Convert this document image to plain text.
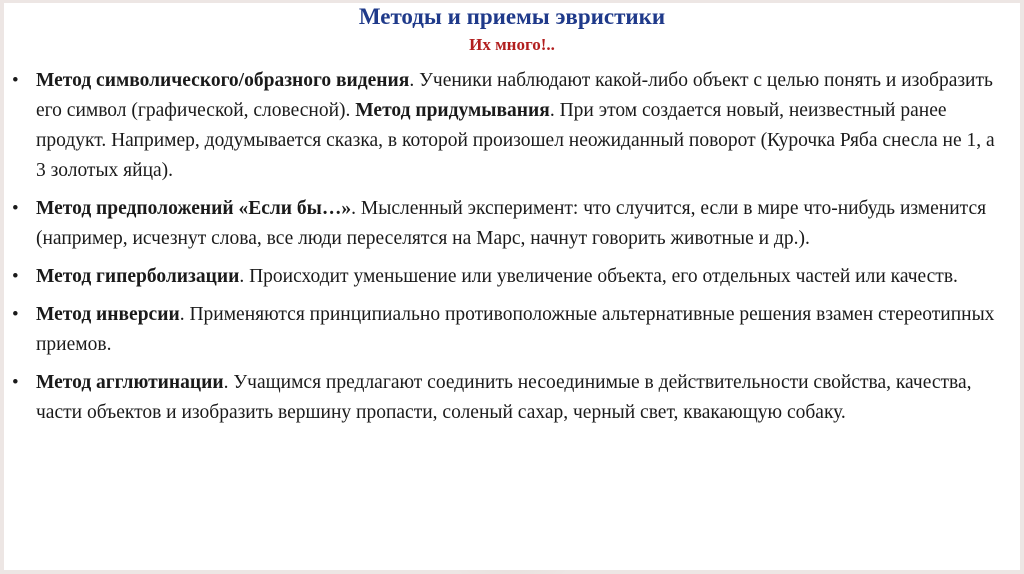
Методы и приемы эвристики
Их много!..
• Метод символического/образного видения. Ученики наблюдают какой-либо объект с целью понять и изобразить его символ (графической, словесной). Метод придумывания. При этом создается новый, неизвестный ранее продукт. Например, додумывается сказка, в которой произошел неожиданный поворот (Курочка Ряба снесла не 1, а 3 золотых яйца).
• Метод предположений «Если бы…». Мысленный эксперимент: что случится, если в мире что-нибудь изменится (например, исчезнут слова, все люди переселятся на Марс, начнут говорить животные и др.).
• Метод гиперболизации. Происходит уменьшение или увеличение объекта, его отдельных частей или качеств.
• Метод инверсии. Применяются принципиально противоположные альтернативные решения взамен стереотипных приемов.
• Метод агглютинации. Учащимся предлагают соединить несоединимые в действительности свойства, качества, части объектов и изобразить вершину пропасти, соленый сахар, черный свет, квакающую собаку.
